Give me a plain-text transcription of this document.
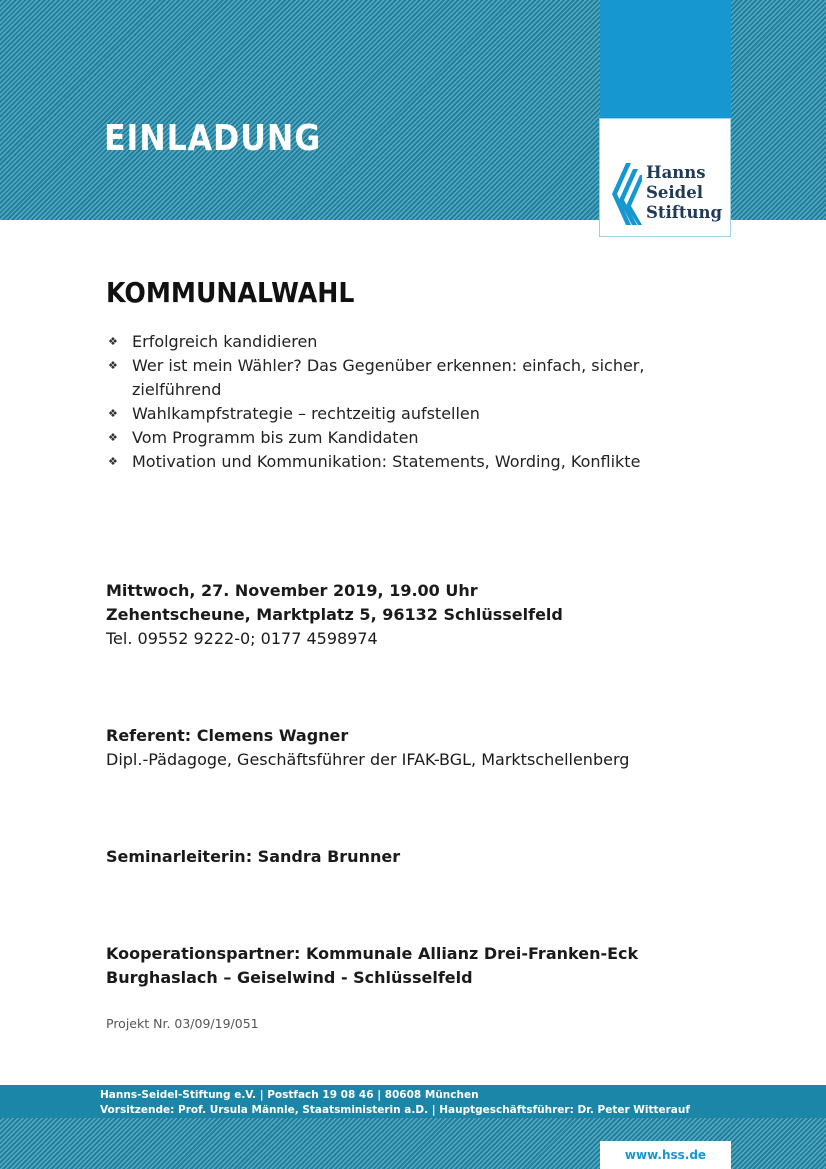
EINLADUNG
Hanns
Seidel
Stiftung
KOMMUNALWAHL
❖ Erfolgreich kandidieren
❖ Wer ist mein Wähler? Das Gegenüber erkennen: einfach, sicher, zielführend
❖ Wahlkampfstrategie – rechtzeitig aufstellen
❖ Vom Programm bis zum Kandidaten
❖ Motivation und Kommunikation: Statements, Wording, Konflikte
Mittwoch, 27. November 2019, 19.00 Uhr
Zehentscheune, Marktplatz 5, 96132 Schlüsselfeld
Tel. 09552 9222-0; 0177 4598974
Referent: Clemens Wagner
Dipl.-Pädagoge, Geschäftsführer der IFAK-BGL, Marktschellenberg
Seminarleiterin: Sandra Brunner
Kooperationspartner: Kommunale Allianz Drei-Franken-Eck
Burghaslach – Geiselwind - Schlüsselfeld
Projekt Nr. 03/09/19/051
Hanns-Seidel-Stiftung e.V. | Postfach 19 08 46 | 80608 München
Vorsitzende: Prof. Ursula Männle, Staatsministerin a.D. | Hauptgeschäftsführer: Dr. Peter Witterauf
www.hss.de
